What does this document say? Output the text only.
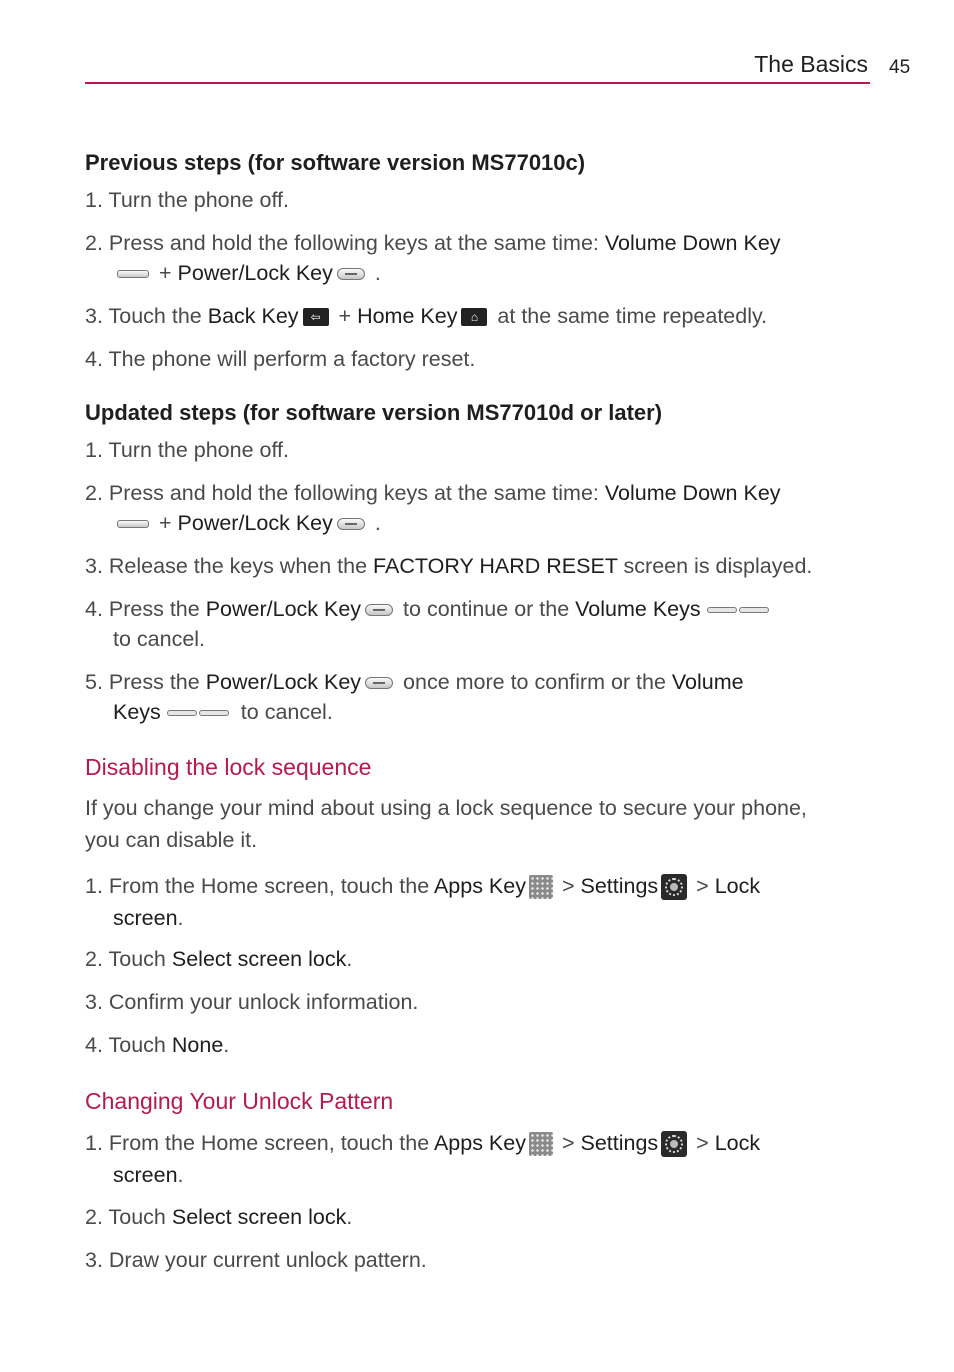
The Basics 45
Previous steps (for software version MS77010c)
1. Turn the phone off.
2. Press and hold the following keys at the same time: Volume Down Key
+ Power/Lock Key .
3. Touch the Back Key ⇦ + Home Key ⌂ at the same time repeatedly.
4. The phone will perform a factory reset.
Updated steps (for software version MS77010d or later)
1. Turn the phone off.
2. Press and hold the following keys at the same time: Volume Down Key
+ Power/Lock Key .
3. Release the keys when the FACTORY HARD RESET screen is displayed.
4. Press the Power/Lock Key to continue or the Volume Keys
to cancel.
5. Press the Power/Lock Key once more to confirm or the Volume
Keys	to cancel.
Disabling the lock sequence
If you change your mind about using a lock sequence to secure your phone,
you can disable it.
1. From the Home screen, touch the Apps Key > Settings > Lock
screen.
2. Touch Select screen lock.
3. Confirm your unlock information.
4. Touch None.
Changing Your Unlock Pattern
1. From the Home screen, touch the Apps Key > Settings > Lock
screen.
2. Touch Select screen lock.
3. Draw your current unlock pattern.
